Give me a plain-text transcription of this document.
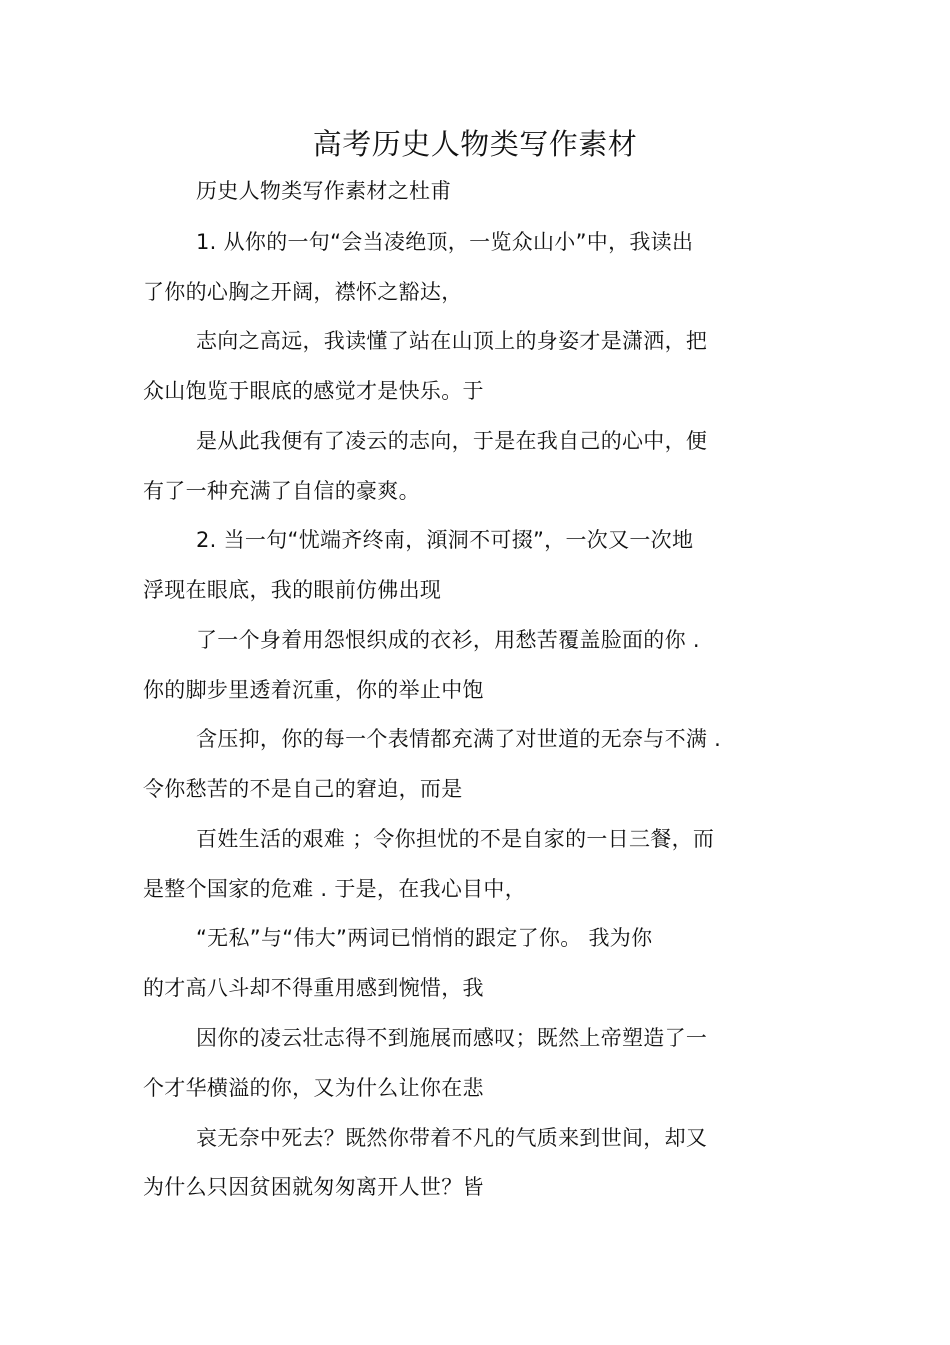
高考历史人物类写作素材

历史人物类写作素材之杜甫

1. 从你的一句“会当凌绝顶，一览众山小”中，我读出

了你的心胸之开阔，襟怀之豁达，

志向之高远，我读懂了站在山顶上的身姿才是潇洒，把

众山饱览于眼底的感觉才是快乐。于

是从此我便有了凌云的志向，于是在我自己的心中，便

有了一种充满了自信的豪爽。

2. 当一句“忧端齐终南，澒洞不可掇”，一次又一次地

浮现在眼底，我的眼前仿佛出现

了一个身着用怨恨织成的衣衫，用愁苦覆盖脸面的你 .

你的脚步里透着沉重，你的举止中饱

含压抑，你的每一个表情都充满了对世道的无奈与不满 .

令你愁苦的不是自己的窘迫，而是

百姓生活的艰难 ；令你担忧的不是自家的一日三餐，而

是整个国家的危难 . 于是，在我心目中，

“无私”与“伟大”两词已悄悄的跟定了你。 我为你

的才高八斗却不得重用感到惋惜，我

因你的凌云壮志得不到施展而感叹；既然上帝塑造了一

个才华横溢的你，又为什么让你在悲

哀无奈中死去？既然你带着不凡的气质来到世间，却又

为什么只因贫困就匆匆离开人世？皆
